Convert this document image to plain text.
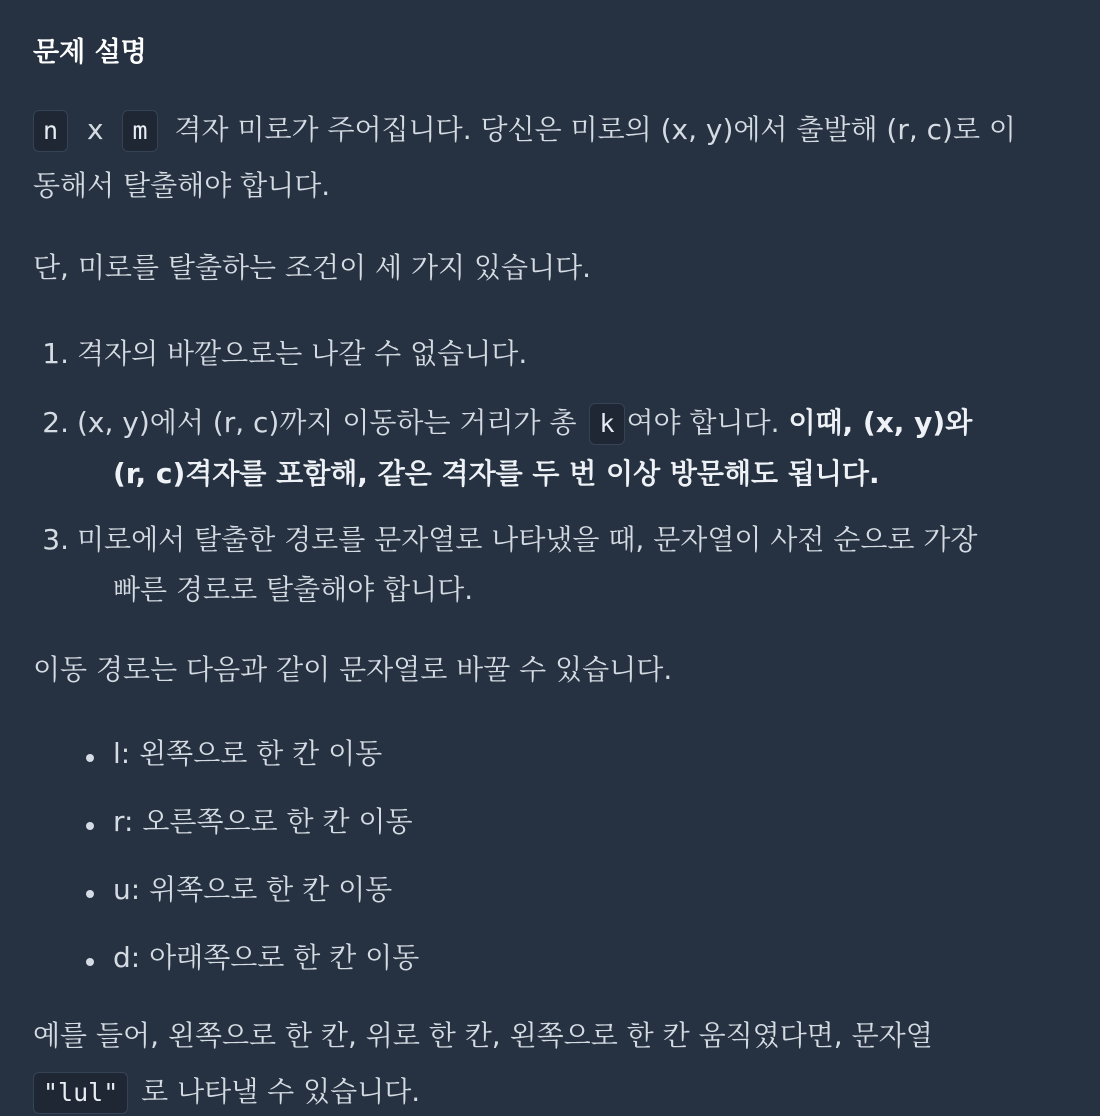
문제 설명
n x m 격자 미로가 주어집니다. 당신은 미로의 (x, y)에서 출발해 (r, c)로 이
동해서 탈출해야 합니다.
단, 미로를 탈출하는 조건이 세 가지 있습니다.
1. 격자의 바깥으로는 나갈 수 없습니다.
2. (x, y)에서 (r, c)까지 이동하는 거리가 총 k 여야 합니다. 이때, (x, y)와
(r, c)격자를 포함해, 같은 격자를 두 번 이상 방문해도 됩니다.
3. 미로에서 탈출한 경로를 문자열로 나타냈을 때, 문자열이 사전 순으로 가장
빠른 경로로 탈출해야 합니다.
이동 경로는 다음과 같이 문자열로 바꿀 수 있습니다.
l: 왼쪽으로 한 칸 이동
r: 오른쪽으로 한 칸 이동
u: 위쪽으로 한 칸 이동
d: 아래쪽으로 한 칸 이동
예를 들어, 왼쪽으로 한 칸, 위로 한 칸, 왼쪽으로 한 칸 움직였다면, 문자열
"lul" 로 나타낼 수 있습니다.
